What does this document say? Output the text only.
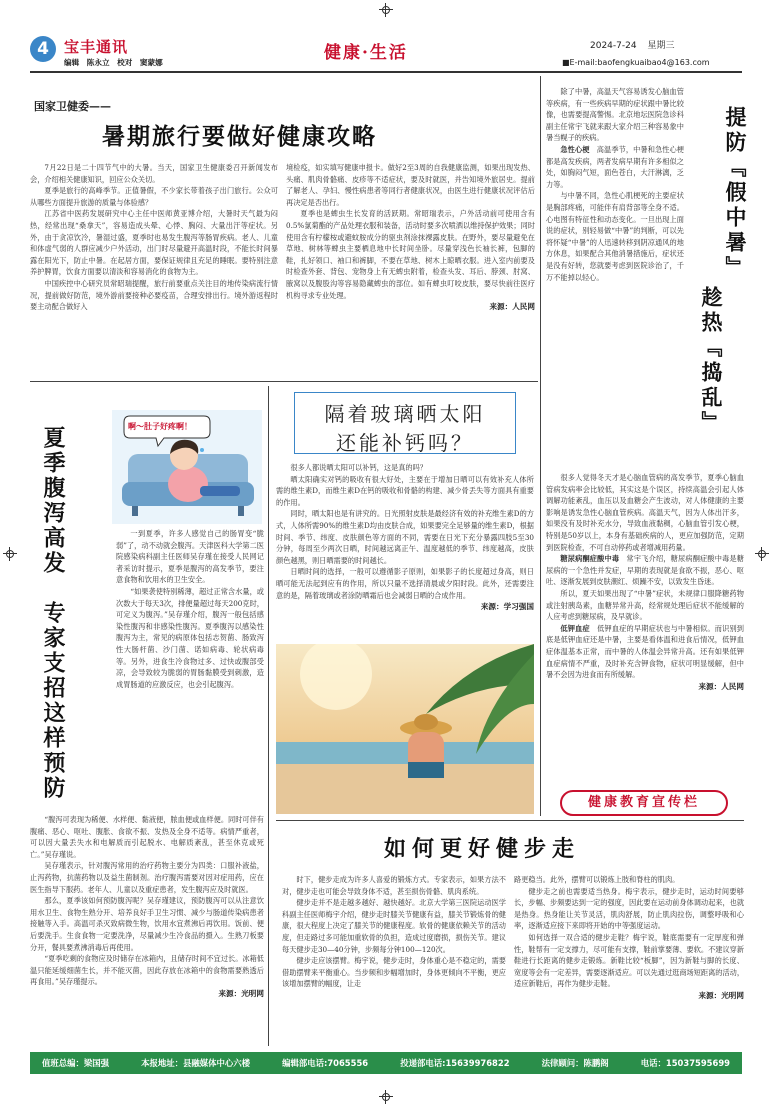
4	宝丰通讯
编辑　陈永立　校对　窦蒙娜	健康·生活	2024-7-24 星期三
■E-mail:baofengkuaibao4@163.com
国家卫健委——
暑期旅行要做好健康攻略

7月22日是二十四节气中的大暑。当天，国家卫生健康委召开新闻发布会，介绍相关健康知识，回应公众关切。

夏季是旅行的高峰季节。正值暑假，不少家长带着孩子出门旅行。公众可从哪些方面提升旅游的质量与体验感？

江苏省中医药发展研究中心主任中医师黄亚博介绍，大暑时天气最为闷热，经常出现“桑拿天”，容易造成头晕、心悸、胸闷、大量出汗等症状。另外，由于贪凉饮冷，暑湿过盛，夏季时也易发生腹泻等肠胃疾病。老人、儿童和体虚气弱的人群应减少户外活动，出门时尽量避开高温时段，不能长时间暴露在阳光下，防止中暑。在起居方面，要保证规律且充足的睡眠。要特别注意养护脾胃，饮食方面要以清淡和容易消化的食物为主。

中国疾控中心研究员常昭瑞提醒，旅行前要重点关注目的地传染病流行情况，提前做好防范，境外游前要接种必要疫苗，合理安排出行。境外游返程时要主动配合做好入

境检疫，如实填写健康申报卡。做好2至3周的自我健康监测，如果出现发热、头痛、肌肉骨骼痛、皮疹等不适症状，要及时就医，并告知境外旅居史。提前了解老人、孕妇、慢性病患者等同行者健康状况，由医生进行健康状况评估后再决定是否出行。

夏季也是蜱虫生长发育的活跃期。常昭瑞表示，户外活动前可使用含有0.5%氯菊酯的产品处理衣服和装备，活动时要多次喷洒以维持保护效果；同时使用含有柠檬桉或避蚊胺成分的驱虫剂涂抹裸露皮肤。在野外，要尽量避免在草地、树林等蜱虫主要栖息地中长时间坐卧。尽量穿浅色长袖长裤，包脚的鞋，扎好领口、袖口和裤脚，不要在草地、树木上晾晒衣服。进入室内前要及时检查外套、背包、宠物身上有无蜱虫附着，检查头发、耳后、脖颈、肘窝、腋窝以及腹股沟等容易隐藏蜱虫的部位。如有蜱虫叮咬皮肤，要尽快前往医疗机构寻求专业处理。

来源：人民网
夏季腹泻高发　专家支招这样预防	啊～肚子好疼啊！

一到夏季，许多人感觉自己的肠胃变“脆弱”了，动不动就会腹泻。天津医科大学第二医院感染病科副主任医师吴存瑾在接受人民网记者采访时提示，夏季是腹泻的高发季节，要注意食物和饮用水的卫生安全。

“如果袭使特别稀薄，超过正常含水量，或次数大于每天3次，排便量超过每天200克时，可定义为腹泻。”吴存瑾介绍，腹泻一般包括感染性腹泻和非感染性腹泻。夏季腹泻以感染性腹泻为主，常见的病原体包括志贺菌、肠致泻性大肠杆菌、沙门菌、诺如病毒、轮状病毒等。另外，进食生冷食物过多、过快或腹部受凉，会导致较为脆弱的胃肠黏膜受到刺激，造成胃肠道的应激反应，也会引起腹泻。

“腹泻可表现为稀便、水样便、黏液便，脓血便或血样便。同时可伴有腹痛、恶心、呕吐、腹胀、食欲不振、发热及全身不适等。病情严重者，可以因大量丢失水和电解质而引起脱水、电解质紊乱，甚至休克或死亡。”吴存瑾说。

吴存瑾表示，针对腹泻常用的治疗药物主要分为四类：口服补液盐，止泻药物，抗菌药物以及益生菌制剂。治疗腹泻需要对因对症用药，应在医生指导下服药。老年人、儿童以及重症患者，发生腹泻应及时就医。

那么，夏季该如何预防腹泻呢？吴存瑾建议，预防腹泻可以从注意饮用水卫生、食物生熟分开、培养良好手卫生习惯、减少与肠道传染病患者接触等入手。高温可杀灭致病微生物，饮用水宜煮沸后再饮用。饭前、便后要洗手。生食食物一定要洗净，尽量减少生冷食品的摄入。生熟刀板要分开，餐具要煮沸消毒后再使用。

“夏季吃剩的食物应及时储存在冰箱内，且储存时间不宜过长。冰箱低温只能延缓细菌生长，并不能灭菌，因此存放在冰箱中的食物需要熟透后再食用。”吴存瑾提示。

来源：光明网
隔着玻璃晒太阳
还能补钙吗？

很多人都说晒太阳可以补钙，这是真的吗？

晒太阳确实对钙的吸收有很大好处，主要在于增加日晒可以有效补充人体所需的维生素D，而维生素D在钙的吸收和骨骼的构建、减少骨丢失等方面具有重要的作用。

同时，晒太阳也是有讲究的。日光照射皮肤是最经济有效的补充维生素D的方式，人体所需90%的维生素D均由皮肤合成，如果要完全足够量的维生素D，根据时间、季节、纬度、皮肤颜色等方面的不同，需要在日光下充分暴露四肢5至30分钟，每周至少两次日晒，时间越远离正午、温度越低的季节、纬度越高，皮肤颜色越黑，则日晒需要的时间越长。

日晒时间的选择，一般可以遵循影子原则，如果影子的长度超过身高，则日晒可能无法起到应有的作用，所以只量不选择清晨或夕阳时段。此外，还需要注意的是，隔着玻璃或者涂防晒霜后也会减弱日晒的合成作用。

来源：学习强国

除了中暑，高温天气容易诱发心脑血管等疾病，有一些疾病早期的症状跟中暑比较像，也需要提高警惕。北京地坛医院急诊科副主任常宇飞就来跟大家介绍三种容易象中暑当幌子的疾病。

急性心梗　 高温季节，中暑和急性心梗都是高发疾病，两者发病早期有许多相似之处，如胸闷气短，面色苍白，大汗淋漓，乏力等。

与中暑不同，急性心肌梗死的主要症状是胸部疼痛，可能伴有肩背部等全身不适。心电图有特征性和动态变化。一旦出现上面说的症状，别轻易做“中暑”的判断，可以先将怀疑“中暑”的人迅速转移到阴凉通风的地方休息，如果配合其他消暑措施后，症状还是没有好转，您就要考虑到医院诊治了，千万不能掉以轻心。	提防『假中暑』
趁热『捣乱』

很多人觉得冬天才是心脑血管病的高发季节，夏季心脑血管病发病率会比较低，其实这是个误区，持续高温会引起人体调解功能紊乱，血压以及血糖会产生波动，对人体健康的主要影响是诱发急性心脑血管疾病。高温天气，因为人体出汗多，如果没有及时补充水分，导致血液黏稠，心脑血管引发心梗，特别是50岁以上，本身有基础疾病的人，更应加强防范，定期到医院检查，不可自动停药或者增减用药量。

糖尿病酮症酸中毒　 常宇飞介绍，糖尿病酮症酸中毒是糖尿病的一个急性并发症，早期的表现就是食欲不振，恶心、呕吐、逐渐发展到皮肤潮红、烦躁不安，以致发生昏迷。

所以，夏天如果出现了“中暑”症状，未规律口服降糖药物或注射胰岛素，血糖异常升高，经常规处理后症状不能缓解的人应考虑到糖尿病，及早就诊。

低钾血症　 低钾血症的早期症状也与中暑相似。而识别到底是低钾血症还是中暑，主要是看体温和进食后情况，低钾血症体温基本正常，而中暑的人体温会异常升高。还有如果低钾血症病情不严重，及时补充含钾食物，症状可明显缓解，但中暑不会因为进食而有所缓解。

来源：人民网
健康教育宣传栏
如何更好健步走

时下，健步走成为许多人喜爱的锻炼方式。专家表示，如果方法不对，健步走也可能会导致身体不适，甚至损伤骨骼、肌肉系统。

健步走并不是走越多越好、越快越好。北京大学第三医院运动医学科副主任医师梅宇介绍，健步走时膝关节健康有益，膝关节锻炼骨的健康，很大程度上决定了膝关节的健康程度。软骨的健康依赖关节的活动度，但走路过多可能加重软骨的负担，造成过度磨损，损伤关节。建议每天健步走30—40分钟，步频每分钟100—120次。

健步走应该摆臂。梅宇说，健步走时，身体重心是不稳定的，需要借助摆臂来平衡重心。当步频和步幅增加时，身体更倾向不平衡，更应该增加摆臂的幅度，让走

路更稳当。此外，摆臂可以锻炼上肢和脊柱的肌肉。

健步走之前也需要适当热身。梅宇表示，健步走时，运动时间要够长，步幅、步频要达到一定的强度，因此要在运动前身体调动起来，也就是热身。热身能让关节灵活，肌肉舒展，防止肌肉拉伤，调整呼吸和心率，逐渐适应接下来即将开始的中等强度运动。

如何选择一双合适的健步走鞋？梅宇说，鞋底需要有一定厚度和弹性，鞋帮有一定支撑力，尽可能有支撑，鞋前掌要薄、要软。不建议穿新鞋进行长距离的健步走锻炼。新鞋比较“板脚”，因为新鞋与脚的长度、宽度等会有一定差异，需要逐渐适应。可以先通过逛商场短距离的活动，适应新鞋后，再作为健步走鞋。

来源：光明网
值班总编：梁国强	本报地址：县融媒体中心六楼	编辑部电话:7065556	投递部电话:15639976822	法律顾问：陈鹏阁	电话：15037595699
